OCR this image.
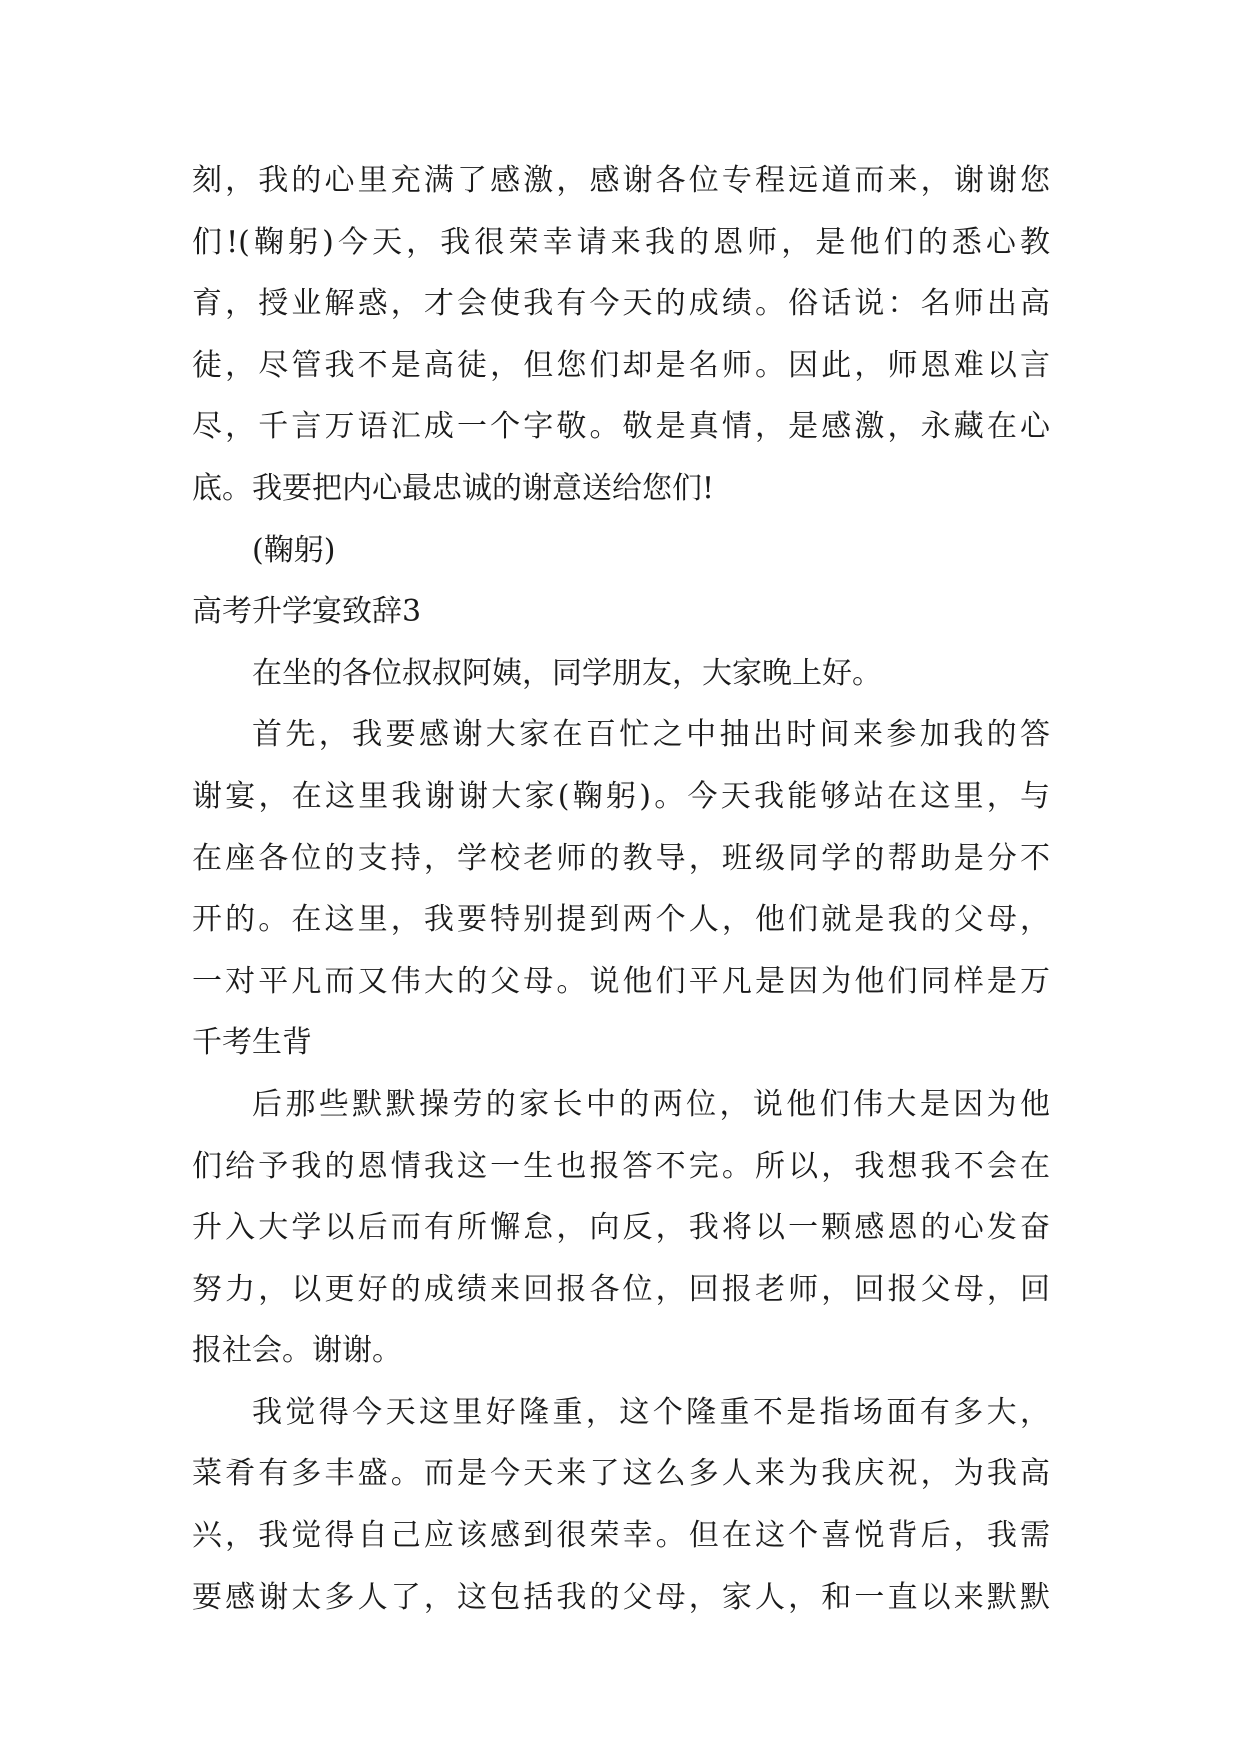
刻，我的心里充满了感激，感谢各位专程远道而来，谢谢您
们!(鞠躬)今天，我很荣幸请来我的恩师，是他们的悉心教
育，授业解惑，才会使我有今天的成绩。俗话说：名师出高
徒，尽管我不是高徒，但您们却是名师。因此，师恩难以言
尽，千言万语汇成一个字敬。敬是真情，是感激，永藏在心
底。我要把内心最忠诚的谢意送给您们!
(鞠躬)
高考升学宴致辞3
在坐的各位叔叔阿姨，同学朋友，大家晚上好。
首先，我要感谢大家在百忙之中抽出时间来参加我的答
谢宴，在这里我谢谢大家(鞠躬)。今天我能够站在这里，与
在座各位的支持，学校老师的教导，班级同学的帮助是分不
开的。在这里，我要特别提到两个人，他们就是我的父母，
一对平凡而又伟大的父母。说他们平凡是因为他们同样是万
千考生背
后那些默默操劳的家长中的两位，说他们伟大是因为他
们给予我的恩情我这一生也报答不完。所以，我想我不会在
升入大学以后而有所懈怠，向反，我将以一颗感恩的心发奋
努力，以更好的成绩来回报各位，回报老师，回报父母，回
报社会。谢谢。
我觉得今天这里好隆重，这个隆重不是指场面有多大，
菜肴有多丰盛。而是今天来了这么多人来为我庆祝，为我高
兴，我觉得自己应该感到很荣幸。但在这个喜悦背后，我需
要感谢太多人了，这包括我的父母，家人，和一直以来默默
